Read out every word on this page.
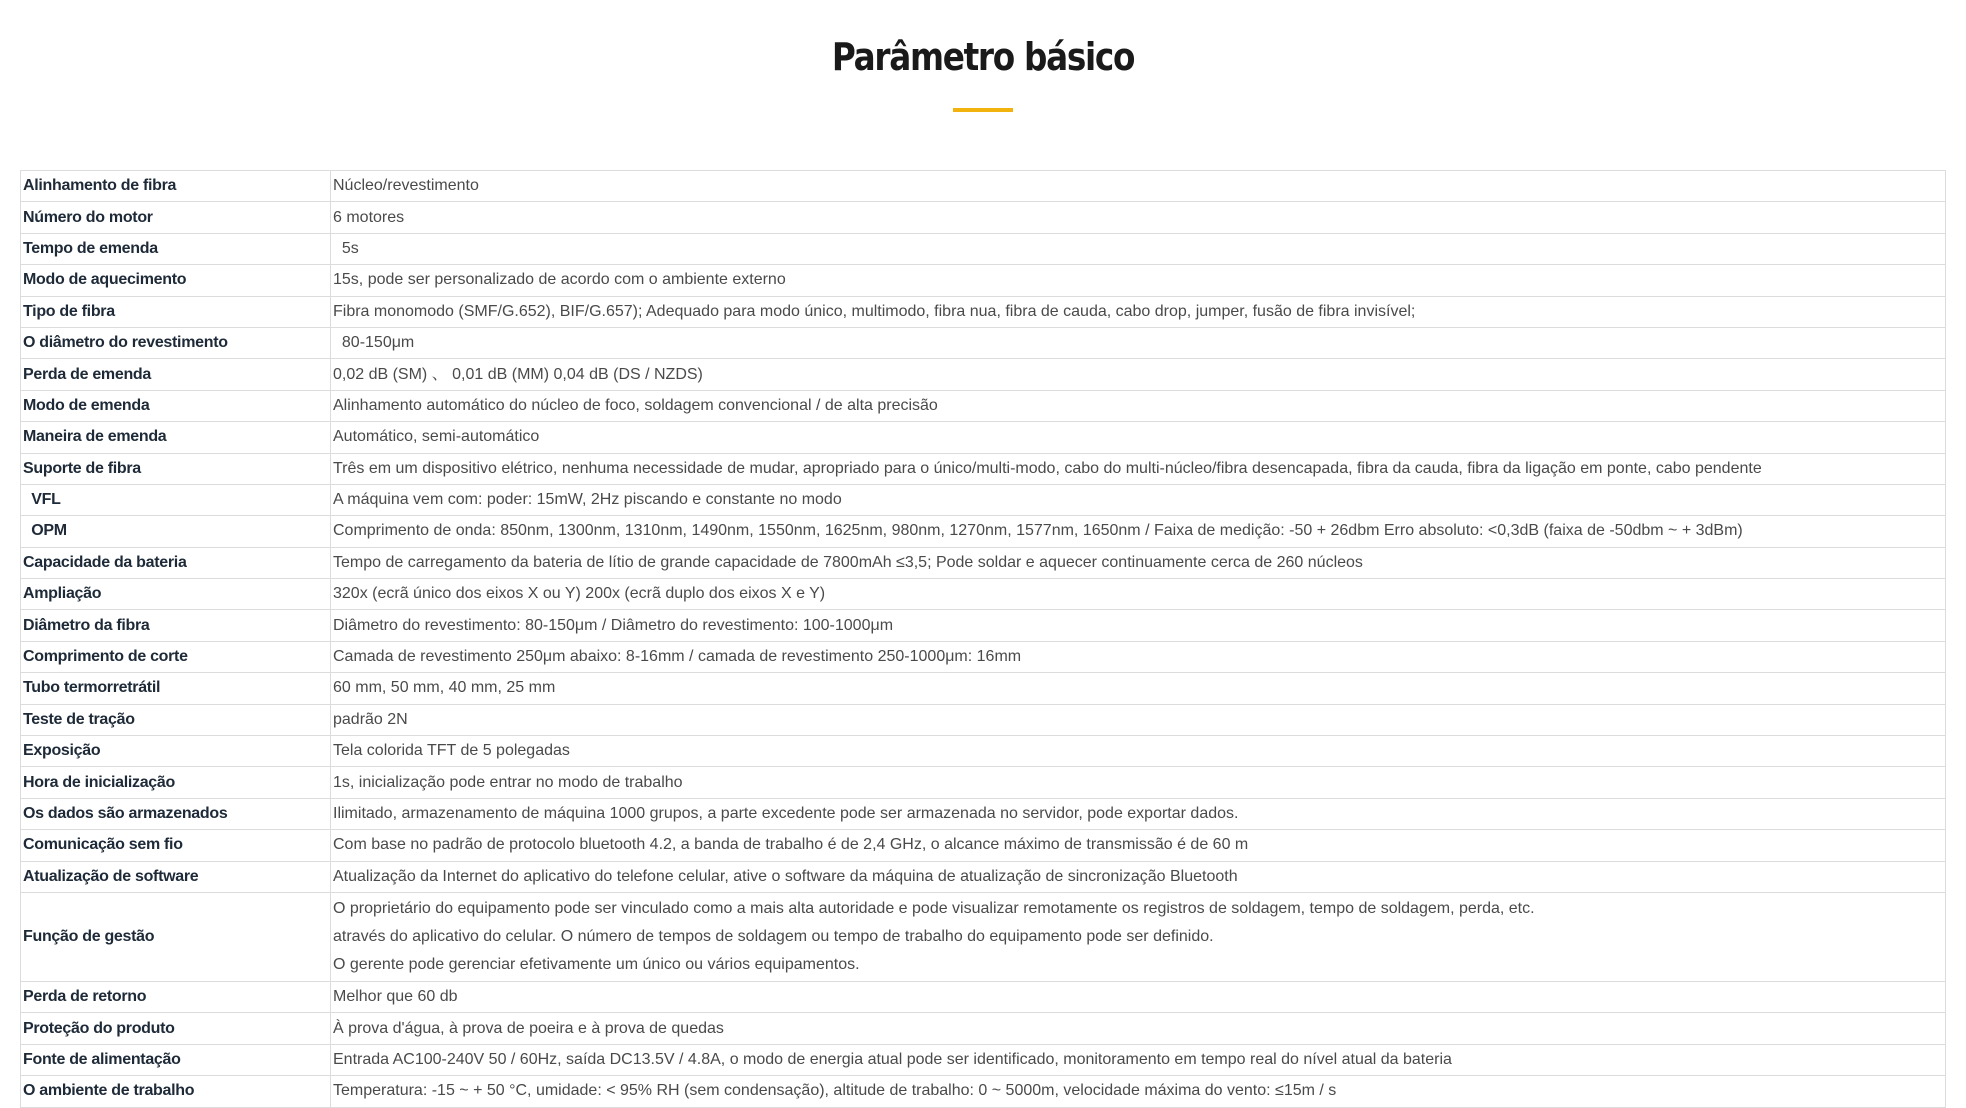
Parâmetro básico
Alinhamento de fibra	Núcleo/revestimento
Número do motor	6 motores
Tempo de emenda	5s
Modo de aquecimento	15s, pode ser personalizado de acordo com o ambiente externo
Tipo de fibra	Fibra monomodo (SMF/G.652), BIF/G.657); Adequado para modo único, multimodo, fibra nua, fibra de cauda, cabo drop, jumper, fusão de fibra invisível;
O diâmetro do revestimento	80-150μm
Perda de emenda	0,02 dB (SM) 、 0,01 dB (MM) 0,04 dB (DS / NZDS)
Modo de emenda	Alinhamento automático do núcleo de foco, soldagem convencional / de alta precisão
Maneira de emenda	Automático, semi-automático
Suporte de fibra	Três em um dispositivo elétrico, nenhuma necessidade de mudar, apropriado para o único/multi-modo, cabo do multi-núcleo/fibra desencapada, fibra da cauda, fibra da ligação em ponte, cabo pendente
VFL	A máquina vem com: poder: 15mW, 2Hz piscando e constante no modo
OPM	Comprimento de onda: 850nm, 1300nm, 1310nm, 1490nm, 1550nm, 1625nm, 980nm, 1270nm, 1577nm, 1650nm / Faixa de medição: -50 + 26dbm Erro absoluto: <0,3dB (faixa de -50dbm ~ + 3dBm)
Capacidade da bateria	Tempo de carregamento da bateria de lítio de grande capacidade de 7800mAh ≤3,5; Pode soldar e aquecer continuamente cerca de 260 núcleos
Ampliação	320x (ecrã único dos eixos X ou Y) 200x (ecrã duplo dos eixos X e Y)
Diâmetro da fibra	Diâmetro do revestimento: 80-150μm / Diâmetro do revestimento: 100-1000μm
Comprimento de corte	Camada de revestimento 250μm abaixo: 8-16mm / camada de revestimento 250-1000μm: 16mm
Tubo termorretrátil	60 mm, 50 mm, 40 mm, 25 mm
Teste de tração	padrão 2N
Exposição	Tela colorida TFT de 5 polegadas
Hora de inicialização	1s, inicialização pode entrar no modo de trabalho
Os dados são armazenados	Ilimitado, armazenamento de máquina 1000 grupos, a parte excedente pode ser armazenada no servidor, pode exportar dados.
Comunicação sem fio	Com base no padrão de protocolo bluetooth 4.2, a banda de trabalho é de 2,4 GHz, o alcance máximo de transmissão é de 60 m
Atualização de software	Atualização da Internet do aplicativo do telefone celular, ative o software da máquina de atualização de sincronização Bluetooth
Função de gestão	O proprietário do equipamento pode ser vinculado como a mais alta autoridade e pode visualizar remotamente os registros de soldagem, tempo de soldagem, perda, etc.
através do aplicativo do celular. O número de tempos de soldagem ou tempo de trabalho do equipamento pode ser definido.
O gerente pode gerenciar efetivamente um único ou vários equipamentos.

Perda de retorno	Melhor que 60 db
Proteção do produto	À prova d'água, à prova de poeira e à prova de quedas
Fonte de alimentação	Entrada AC100-240V 50 / 60Hz, saída DC13.5V / 4.8A, o modo de energia atual pode ser identificado, monitoramento em tempo real do nível atual da bateria
O ambiente de trabalho	Temperatura: -15 ~ + 50 °C, umidade: < 95% RH (sem condensação), altitude de trabalho: 0 ~ 5000m, velocidade máxima do vento: ≤15m / s
